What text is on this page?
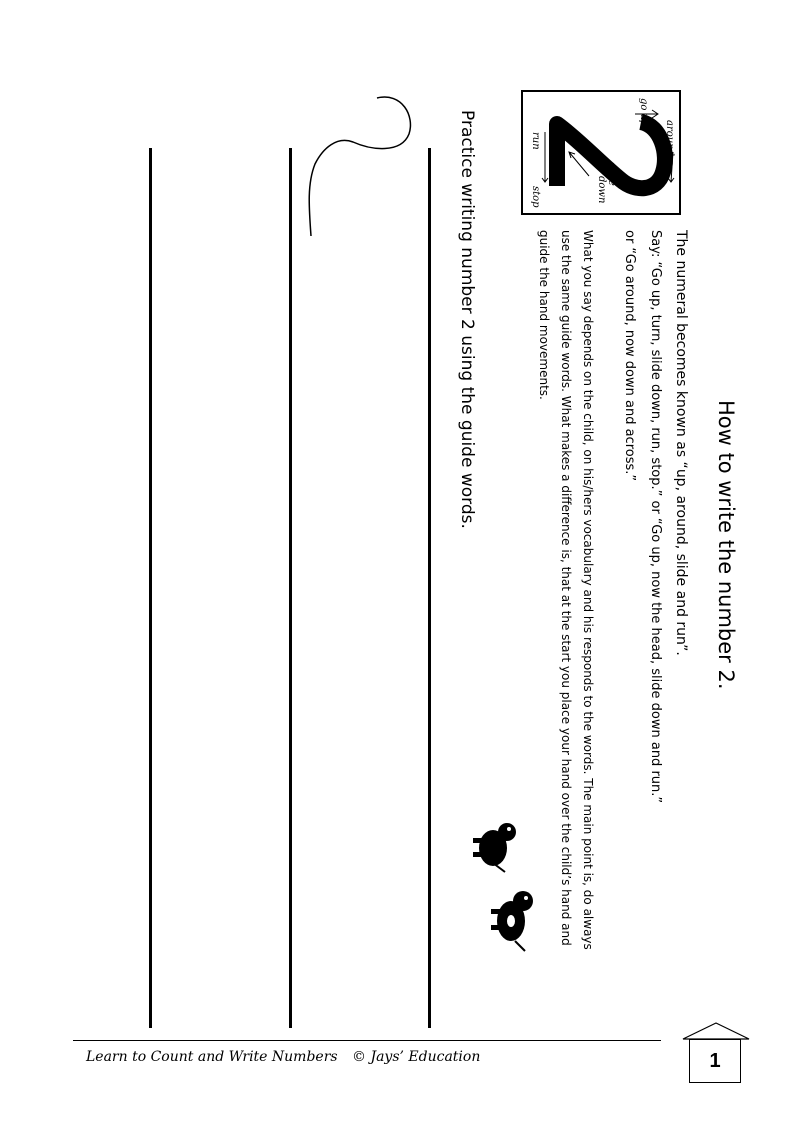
How to write the number 2.
The numeral becomes known as “up, around, slide and run”.
Say: “Go up, turn, slide down, run, stop.” or “Go up, now the head, slide down and run.”
or “Go around, now down and across.”
What you say depends on the child, on his/hers vocabulary and his responds to the words. The main point is, do always use the same guide words. What makes a difference is, that at the start you place your hand over the child’s hand and guide the hand movements.
go up
around
slide
down
run
stop
Practice writing number 2 using the guide words.
Learn to Count and Write Numbers © Jays’ Education	1
